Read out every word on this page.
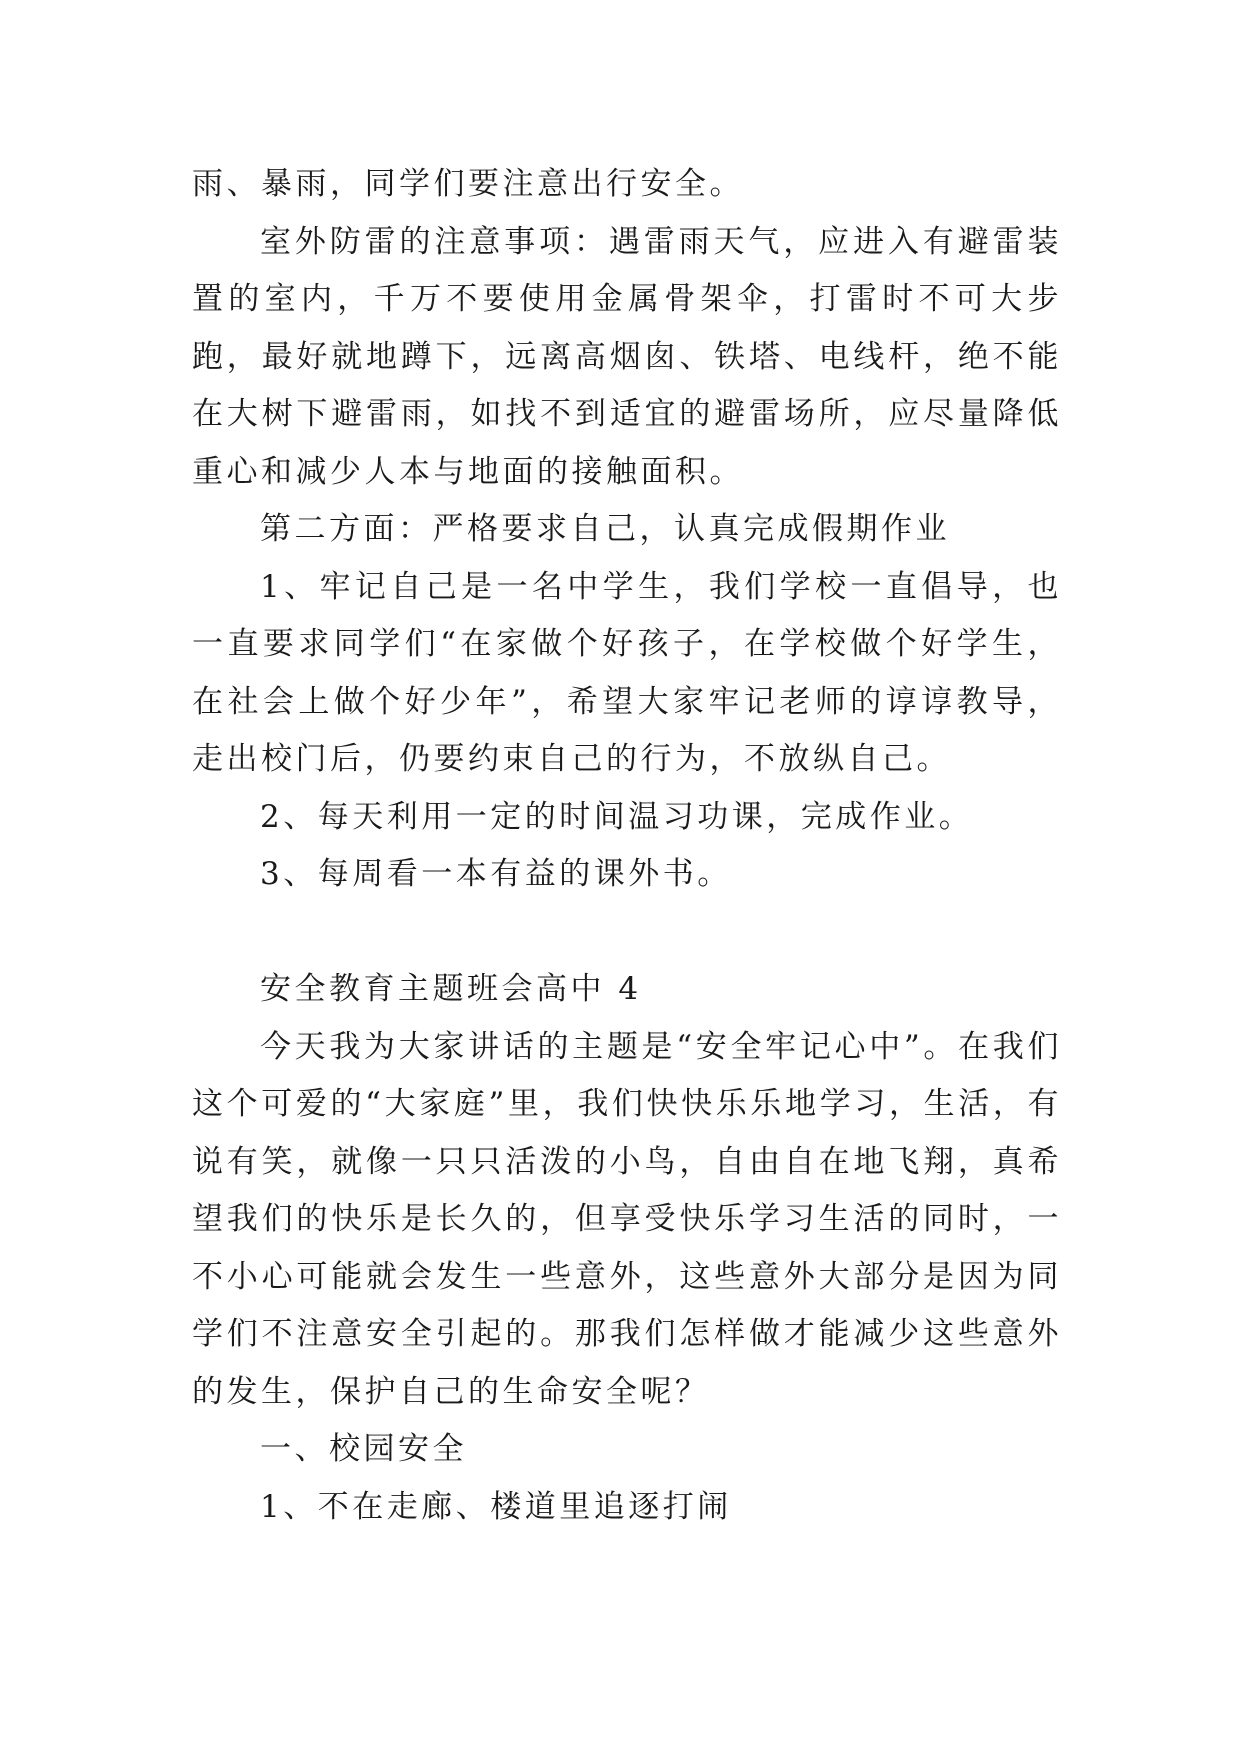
雨、暴雨，同学们要注意出行安全。

室外防雷的注意事项：遇雷雨天气，应进入有避雷装置的室内，千万不要使用金属骨架伞，打雷时不可大步跑，最好就地蹲下，远离高烟囱、铁塔、电线杆，绝不能在大树下避雷雨，如找不到适宜的避雷场所，应尽量降低重心和减少人本与地面的接触面积。

第二方面：严格要求自己，认真完成假期作业

1、牢记自己是一名中学生，我们学校一直倡导，也一直要求同学们“在家做个好孩子，在学校做个好学生，在社会上做个好少年”，希望大家牢记老师的谆谆教导，走出校门后，仍要约束自己的行为，不放纵自己。

2、每天利用一定的时间温习功课，完成作业。

3、每周看一本有益的课外书。

安全教育主题班会高中 4

今天我为大家讲话的主题是“安全牢记心中”。在我们这个可爱的“大家庭”里，我们快快乐乐地学习，生活，有说有笑，就像一只只活泼的小鸟，自由自在地飞翔，真希望我们的快乐是长久的，但享受快乐学习生活的同时，一不小心可能就会发生一些意外，这些意外大部分是因为同学们不注意安全引起的。那我们怎样做才能减少这些意外的发生，保护自己的生命安全呢？

一、校园安全

1、不在走廊、楼道里追逐打闹
